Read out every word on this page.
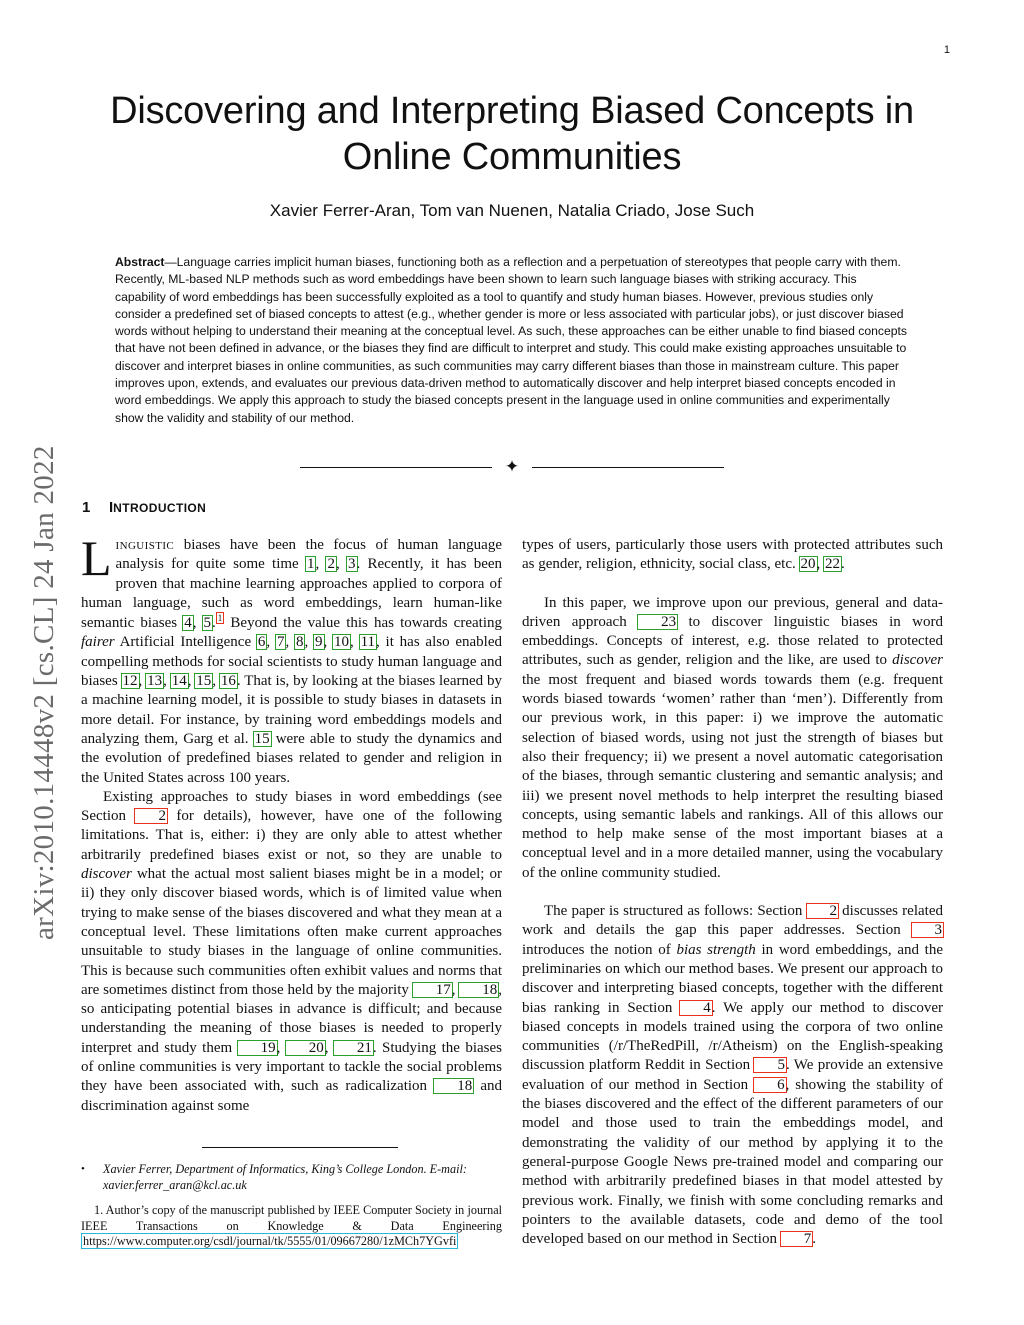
1
arXiv:2010.14448v2 [cs.CL] 24 Jan 2022
Discovering and Interpreting Biased Concepts in Online Communities
Xavier Ferrer-Aran, Tom van Nuenen, Natalia Criado, Jose Such

Abstract—Language carries implicit human biases, functioning both as a reflection and a perpetuation of stereotypes that people carry with them. Recently, ML-based NLP methods such as word embeddings have been shown to learn such language biases with striking accuracy. This capability of word embeddings has been successfully exploited as a tool to quantify and study human biases. However, previous studies only consider a predefined set of biased concepts to attest (e.g., whether gender is more or less associated with particular jobs), or just discover biased words without helping to understand their meaning at the conceptual level. As such, these approaches can be either unable to find biased concepts that have not been defined in advance, or the biases they find are difficult to interpret and study. This could make existing approaches unsuitable to discover and interpret biases in online communities, as such communities may carry different biases than those in mainstream culture. This paper improves upon, extends, and evaluates our previous data-driven method to automatically discover and help interpret biased concepts encoded in word embeddings. We apply this approach to study the biased concepts present in the language used in online communities and experimentally show the validity and stability of our method.

✦
1 INTRODUCTION

Linguistic biases have been the focus of human language analysis for quite some time 1, 2, 3. Recently, it has been proven that machine learning approaches applied to corpora of human language, such as word embeddings, learn human-like semantic biases 4, 5. $^1$ Beyond the value this has towards creating fairer Artificial Intelligence 6, 7, 8, 9, 10, 11, it has also enabled compelling methods for social scientists to study human language and biases 12, 13, 14, 15, 16. That is, by looking at the biases learned by a machine learning model, it is possible to study biases in datasets in more detail. For instance, by training word embeddings models and analyzing them, Garg et al. 15 were able to study the dynamics and the evolution of predefined biases related to gender and religion in the United States across 100 years.

Existing approaches to study biases in word embeddings (see Section 2 for details), however, have one of the following limitations. That is, either: i) they are only able to attest whether arbitrarily predefined biases exist or not, so they are unable to discover what the actual most salient biases might be in a model; or ii) they only discover biased words, which is of limited value when trying to make sense of the biases discovered and what they mean at a conceptual level. These limitations often make current approaches unsuitable to study biases in the language of online communities. This is because such communities often exhibit values and norms that are sometimes distinct from those held by the majority 17, 18, so anticipating potential biases in advance is difficult; and because understanding the meaning of those biases is needed to properly interpret and study them 19, 20, 21. Studying the biases of online communities is very important to tackle the social problems they have been associated with, such as radicalization 18 and discrimination against some

• Xavier Ferrer, Department of Informatics, King’s College London. E-mail: xavier.ferrer_aran@kcl.ac.uk
1. Author’s copy of the manuscript published by IEEE Computer Society in journal IEEE Transactions on Knowledge & Data Engineering https://www.computer.org/csdl/journal/tk/5555/01/09667280/1zMCh7YGvfi

types of users, particularly those users with protected attributes such as gender, religion, ethnicity, social class, etc. 20, 22.

In this paper, we improve upon our previous, general and data-driven approach 23 to discover linguistic biases in word embeddings. Concepts of interest, e.g. those related to protected attributes, such as gender, religion and the like, are used to discover the most frequent and biased words towards them (e.g. frequent words biased towards ‘women’ rather than ‘men’). Differently from our previous work, in this paper: i) we improve the automatic selection of biased words, using not just the strength of biases but also their frequency; ii) we present a novel automatic categorisation of the biases, through semantic clustering and semantic analysis; and iii) we present novel methods to help interpret the resulting biased concepts, using semantic labels and rankings. All of this allows our method to help make sense of the most important biases at a conceptual level and in a more detailed manner, using the vocabulary of the online community studied.

The paper is structured as follows: Section 2 discusses related work and details the gap this paper addresses. Section 3 introduces the notion of bias strength in word embeddings, and the preliminaries on which our method bases. We present our approach to discover and interpreting biased concepts, together with the different bias ranking in Section 4. We apply our method to discover biased concepts in models trained using the corpora of two online communities (/r/TheRedPill, /r/Atheism) on the English-speaking discussion platform Reddit in Section 5. We provide an extensive evaluation of our method in Section 6, showing the stability of the biases discovered and the effect of the different parameters of our model and those used to train the embeddings model, and demonstrating the validity of our method by applying it to the general-purpose Google News pre-trained model and comparing our method with arbitrarily predefined biases in that model attested by previous work. Finally, we finish with some concluding remarks and pointers to the available datasets, code and demo of the tool developed based on our method in Section 7.
